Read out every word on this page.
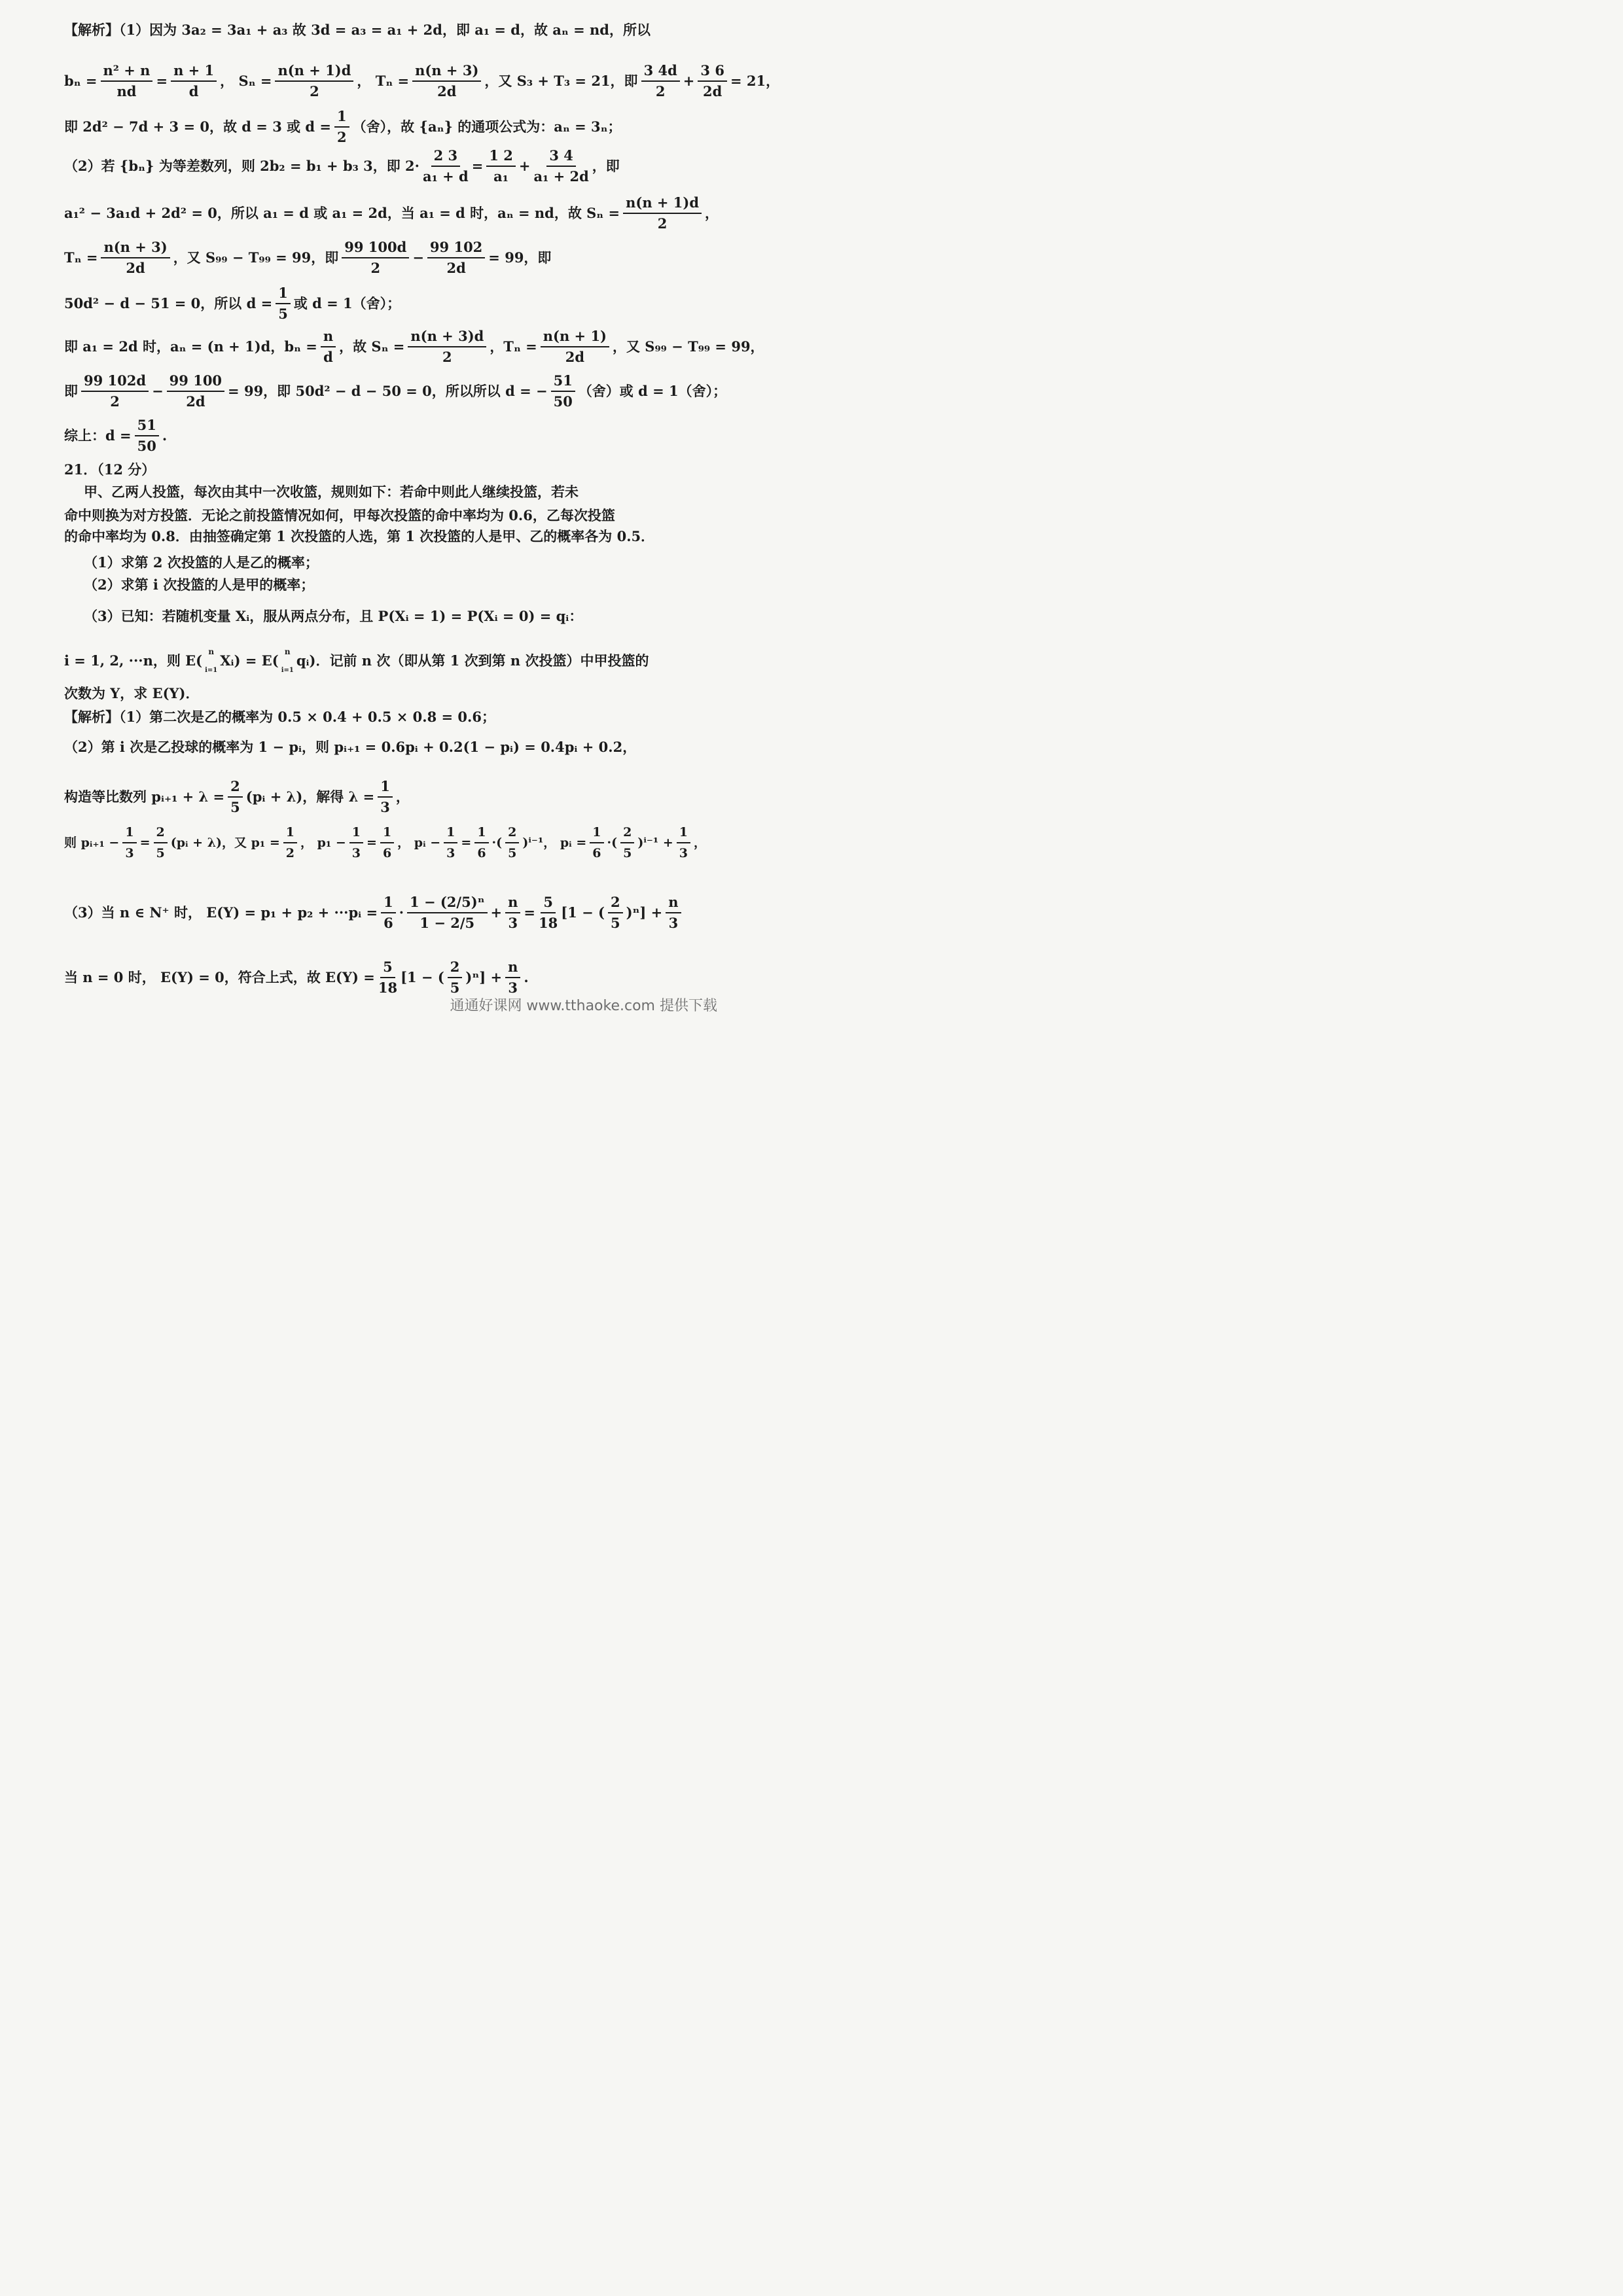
【解析】（1）因为 3a₂ = 3a₁ + a₃ 故 3d = a₃ = a₁ + 2d，即 a₁ = d，故 aₙ = nd，所以
$b_n = \frac{\text{n² + n}}{nd} = \frac{n + 1}{d}$ ， $S_n = \frac{n(n + 1)d}{2}$ ， $T_n = \frac{n(n + 3)}{2d}$ ，又 S₃ + T₃ = 21，即 $\frac{3 4d}{2} + \frac{3 6}{2d} = 21$，
即 2d² − 7d + 3 = 0，故 d = 3 或 $d = \frac{1}{2}$ （舍），故 {aₙ} 的通项公式为：aₙ = 3ₙ；
（2）若 {bₙ} 为等差数列，则 2b₂ = b₁ + b₃ 3，即 $2\cdot \frac{2 3}{\text{a₁ + d}} = \frac{1 2}{\text{a₁}} + \frac{3 4}{\text{a₁ + 2d}}$ ，即
a₁² − 3a₁d + 2d² = 0，所以 a₁ = d 或 a₁ = 2d，当 a₁ = d 时，aₙ = nd，故 $S_n = \frac{n(n + 1)d}{2}$ ，
$T_n = \frac{n(n + 3)}{2d}$ ，又 S₉₉ − T₉₉ = 99，即 $\frac{99 100d}{2} - \frac{99 102}{2d} = 99$，即
50d² − d − 51 = 0，所以 $d = \frac{1}{5}$ 或 d = 1（舍）；
即 a₁ = 2d 时，aₙ = (n + 1)d，$b_n = \frac{n}{d}$ ，故 $S_n = \frac{n(n + 3)d}{2}$ ，$T_n = \frac{n(n + 1)}{2d}$ ，又 S₉₉ − T₉₉ = 99，
即 $\frac{99 102d}{2} - \frac{99 100}{2d} = 99$，即 50d² − d − 50 = 0，所以所以 d = − $\frac{51}{50}$ （舍）或 d = 1（舍）；
综上：$d = \frac{51}{50}$ .
21．（12 分）
甲、乙两人投篮，每次由其中一次收篮，规则如下：若命中则此人继续投篮，若未
命中则换为对方投篮．无论之前投篮情况如何，甲每次投篮的命中率均为 0.6，乙每次投篮
的命中率均为 0.8．由抽签确定第 1 次投篮的人选，第 1 次投篮的人是甲、乙的概率各为 0.5．
（1）求第 2 次投篮的人是乙的概率；
（2）求第 i 次投篮的人是甲的概率；
（3）已知：若随机变量 Xᵢ，服从两点分布，且 P(Xᵢ = 1) = P(Xᵢ = 0) = qᵢ：
i = 1, 2, ···n，则 E(
n
i=1
Xᵢ) = E(
n
i=1
qᵢ)．记前 n 次（即从第 1 次到第 n 次投篮）中甲投篮的
次数为 Y，求 E(Y)．
【解析】（1）第二次是乙的概率为 0.5 × 0.4 + 0.5 × 0.8 = 0.6；
（2）第 i 次是乙投球的概率为 1 − pᵢ，则 pᵢ₊₁ = 0.6pᵢ + 0.2(1 − pᵢ) = 0.4pᵢ + 0.2，
构造等比数列 pᵢ₊₁ + $\lambda = \frac{2}{5}$ (pᵢ + λ)，解得 $\lambda = \frac{1}{3}$ ，
则 pᵢ₊₁ − $\frac{1}{3} = \frac{2}{5}$ (pᵢ + λ)，又 $p_1 = \frac{1}{2}$ ， $p_1 - \frac{1}{3} = \frac{1}{6}$ ， pᵢ − $\frac{1}{3} = \frac{1}{6}$ ·( $\frac{2}{5} )^{i-1}$， pᵢ = $\frac{1}{6}$ ·( $\frac{2}{5} )^{i-1} + \frac{1}{3}$ ，
（3）当 n ∈ N⁺ 时， E(Y) = p₁ + p₂ + ···pᵢ = $\frac{1}{6} \cdot \frac{\text{1 − (2/5)ⁿ}}{1 - 2/5} + \frac{n}{3} = \frac{5}{18} [1$ − ( $\frac{2}{5} )^n] + \frac{n}{3}$
当 n = 0 时， E(Y) = 0，符合上式，故 $E(Y) = \frac{5}{18} [1$ − ( $\frac{2}{5} )^n] + \frac{n}{3}$ .
通通好课网 www.tthaoke.com 提供下载
